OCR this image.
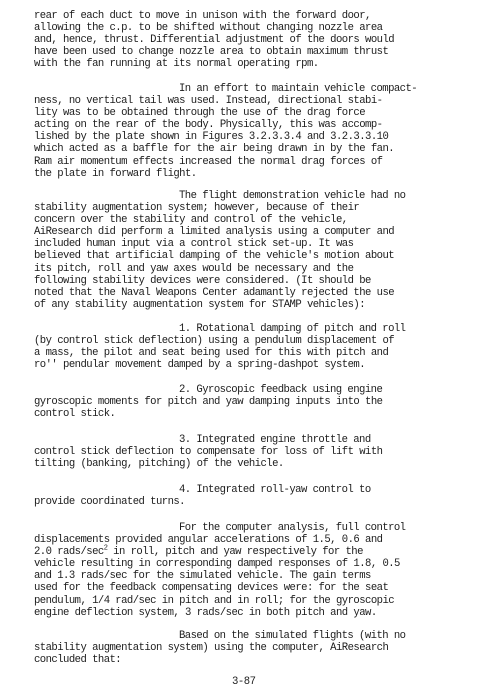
rear of each duct to move in unison with the forward door,
allowing the c.p. to be shifted without changing nozzle area
and, hence, thrust. Differential adjustment of the doors would
have been used to change nozzle area to obtain maximum thrust
with the fan running at its normal operating rpm.
In an effort to maintain vehicle compact-
ness, no vertical tail was used. Instead, directional stabi-
lity was to be obtained through the use of the drag force
acting on the rear of the body. Physically, this was accomp-
lished by the plate shown in Figures 3.2.3.3.4 and 3.2.3.3.10
which acted as a baffle for the air being drawn in by the fan.
Ram air momentum effects increased the normal drag forces of
the plate in forward flight.
The flight demonstration vehicle had no
stability augmentation system; however, because of their
concern over the stability and control of the vehicle,
AiResearch did perform a limited analysis using a computer and
included human input via a control stick set-up. It was
believed that artificial damping of the vehicle's motion about
its pitch, roll and yaw axes would be necessary and the
following stability devices were considered. (It should be
noted that the Naval Weapons Center adamantly rejected the use
of any stability augmentation system for STAMP vehicles):
1. Rotational damping of pitch and roll
(by control stick deflection) using a pendulum displacement of
a mass, the pilot and seat being used for this with pitch and
ro'' pendular movement damped by a spring-dashpot system.
2. Gyroscopic feedback using engine
gyroscopic moments for pitch and yaw damping inputs into the
control stick.
3. Integrated engine throttle and
control stick deflection to compensate for loss of lift with
tilting (banking, pitching) of the vehicle.
4. Integrated roll-yaw control to
provide coordinated turns.
For the computer analysis, full control
displacements provided angular accelerations of 1.5, 0.6 and
2.0 rads/$\sec^2$ in roll, pitch and yaw respectively for the
vehicle resulting in corresponding damped responses of 1.8, 0.5
and 1.3 rads/sec for the simulated vehicle. The gain terms
used for the feedback compensating devices were: for the seat
pendulum, 1/4 rad/sec in pitch and in roll; for the gyroscopic
engine deflection system, 3 rads/sec in both pitch and yaw.
Based on the simulated flights (with no
stability augmentation system) using the computer, AiResearch
concluded that:
3-87
